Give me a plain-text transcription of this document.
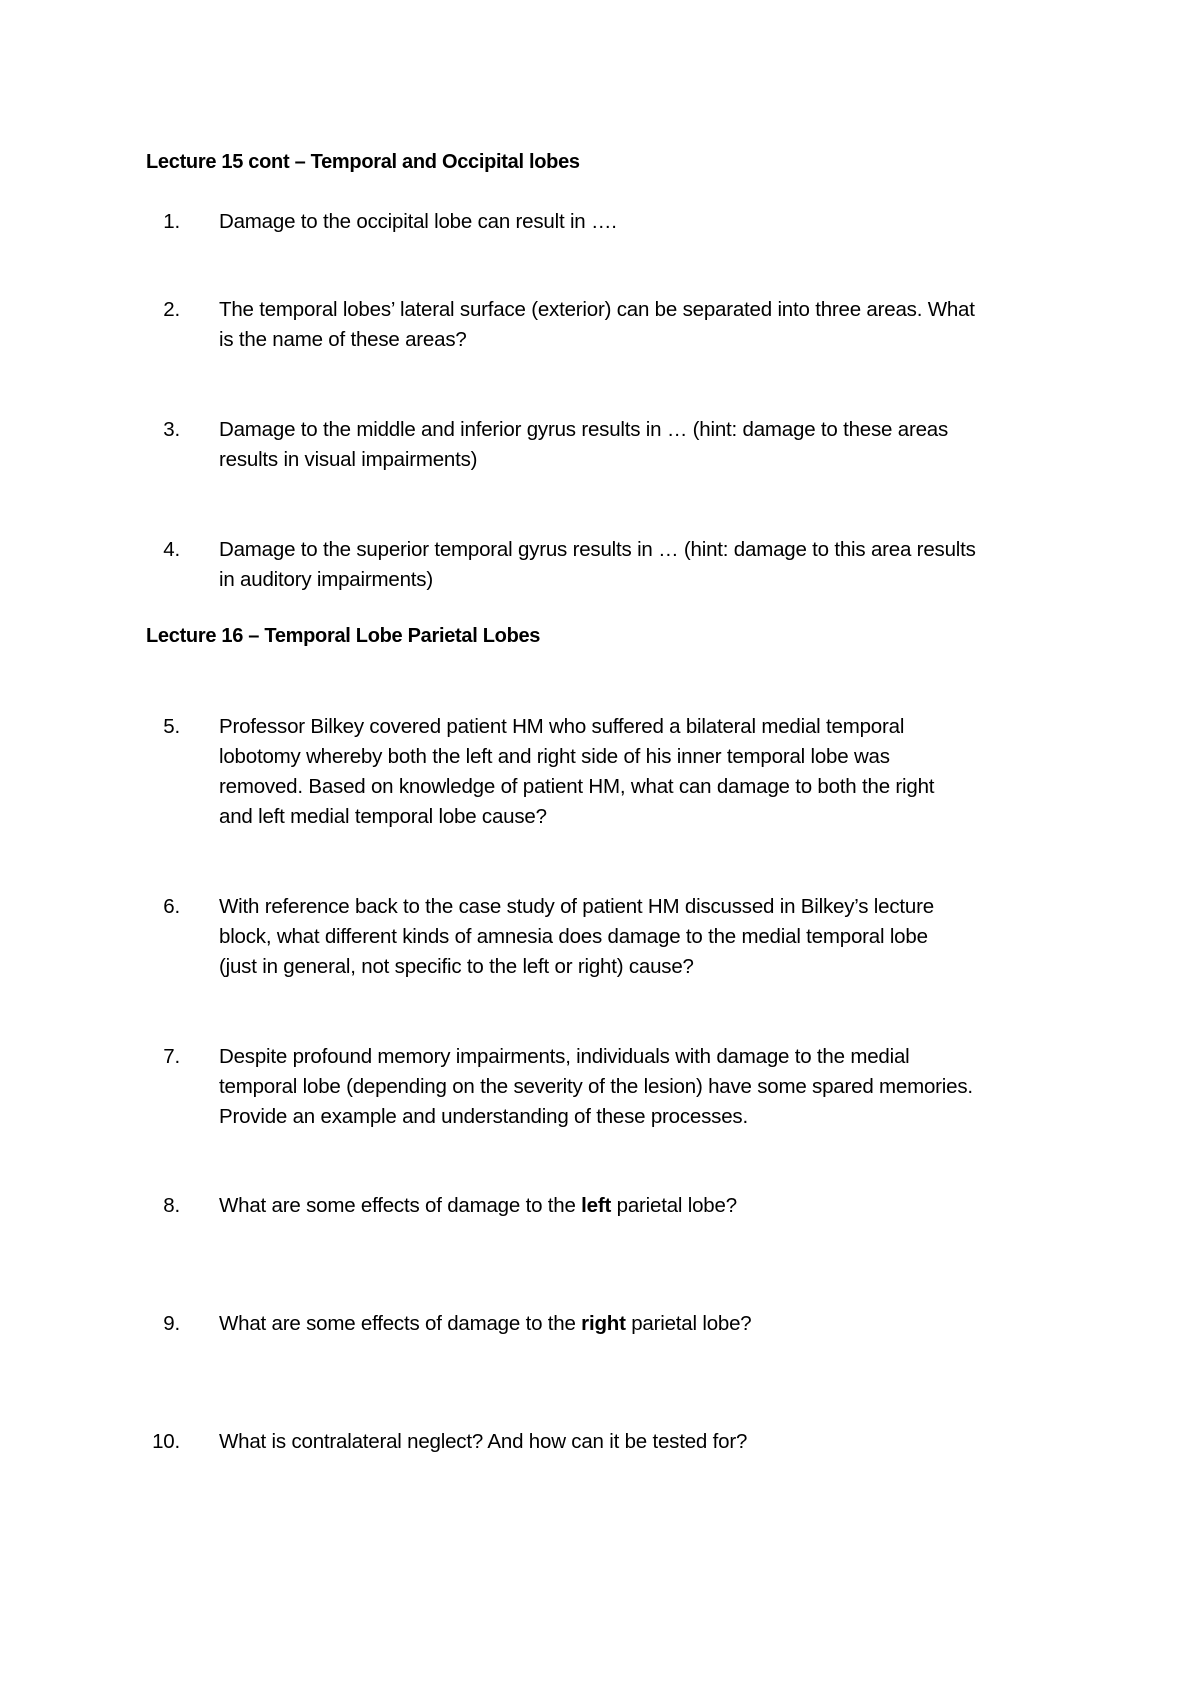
Lecture 15 cont – Temporal and Occipital lobes
1. Damage to the occipital lobe can result in ….
2. The temporal lobes’ lateral surface (exterior) can be separated into three areas. What
is the name of these areas?
3. Damage to the middle and inferior gyrus results in … (hint: damage to these areas
results in visual impairments)
4. Damage to the superior temporal gyrus results in … (hint: damage to this area results
in auditory impairments)
Lecture 16 – Temporal Lobe Parietal Lobes
5. Professor Bilkey covered patient HM who suffered a bilateral medial temporal
lobotomy whereby both the left and right side of his inner temporal lobe was
removed. Based on knowledge of patient HM, what can damage to both the right
and left medial temporal lobe cause?
6. With reference back to the case study of patient HM discussed in Bilkey’s lecture
block, what different kinds of amnesia does damage to the medial temporal lobe
(just in general, not specific to the left or right) cause?
7. Despite profound memory impairments, individuals with damage to the medial
temporal lobe (depending on the severity of the lesion) have some spared memories.
Provide an example and understanding of these processes.
8. What are some effects of damage to the left parietal lobe?
9. What are some effects of damage to the right parietal lobe?
10. What is contralateral neglect? And how can it be tested for?
